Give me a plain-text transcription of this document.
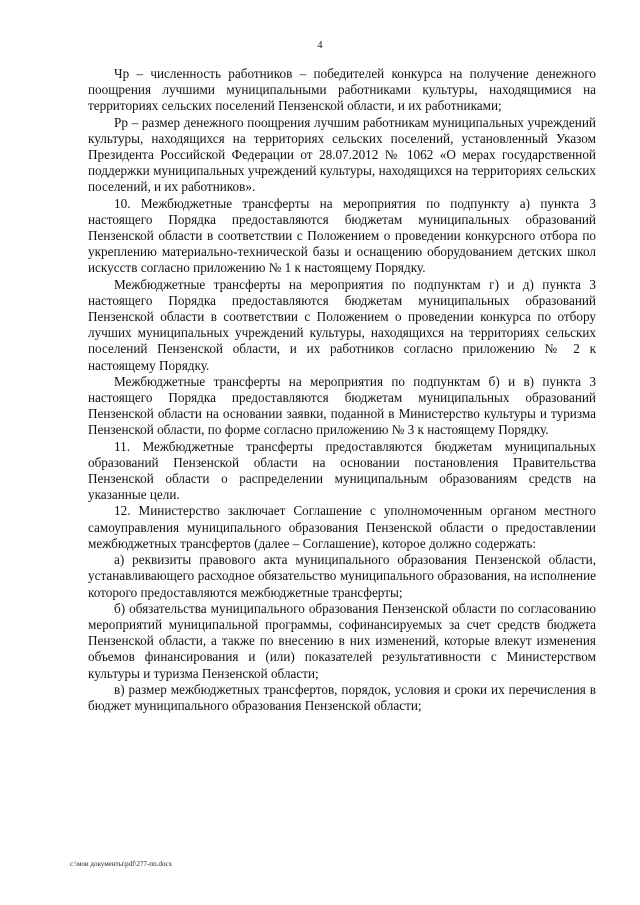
4

Чр – численность работников – победителей конкурса на получение денежного поощрения лучшими муниципальными работниками культуры, находящимися на территориях сельских поселений Пензенской области, и их работниками;

Рр – размер денежного поощрения лучшим работникам муниципальных учреждений культуры, находящихся на территориях сельских поселений, установленный Указом Президента Российской Федерации от 28.07.2012 № 1062 «О мерах государственной поддержки муниципальных учреждений культуры, находящихся на территориях сельских поселений, и их работников».

10. Межбюджетные трансферты на мероприятия по подпункту а) пункта 3 настоящего Порядка предоставляются бюджетам муниципальных образований Пензенской области в соответствии с Положением о проведении конкурсного отбора по укреплению материально-технической базы и оснащению оборудованием детских школ искусств согласно приложению № 1 к настоящему Порядку.

Межбюджетные трансферты на мероприятия по подпунктам г) и д) пункта 3 настоящего Порядка предоставляются бюджетам муниципальных образований Пензенской области в соответствии с Положением о проведении конкурса по отбору лучших муниципальных учреждений культуры, находящихся на территориях сельских поселений Пензенской области, и их работников согласно приложению № 2 к настоящему Порядку.

Межбюджетные трансферты на мероприятия по подпунктам б) и в) пункта 3 настоящего Порядка предоставляются бюджетам муниципальных образований Пензенской области на основании заявки, поданной в Министерство культуры и туризма Пензенской области, по форме согласно приложению № 3 к настоящему Порядку.

11. Межбюджетные трансферты предоставляются бюджетам муниципальных образований Пензенской области на основании постановления Правительства Пензенской области о распределении муниципальным образованиям средств на указанные цели.

12. Министерство заключает Соглашение с уполномоченным органом местного самоуправления муниципального образования Пензенской области о предоставлении межбюджетных трансфертов (далее – Соглашение), которое должно содержать:

а) реквизиты правового акта муниципального образования Пензенской области, устанавливающего расходное обязательство муниципального образования, на исполнение которого предоставляются межбюджетные трансферты;

б) обязательства муниципального образования Пензенской области по согласованию мероприятий муниципальной программы, софинансируемых за счет средств бюджета Пензенской области, а также по внесению в них изменений, которые влекут изменения объемов финансирования и (или) показателей результативности с Министерством культуры и туризма Пензенской области;

в) размер межбюджетных трансфертов, порядок, условия и сроки их перечисления в бюджет муниципального образования Пензенской области;

c:\мои документы\pdf\277-пп.docx
